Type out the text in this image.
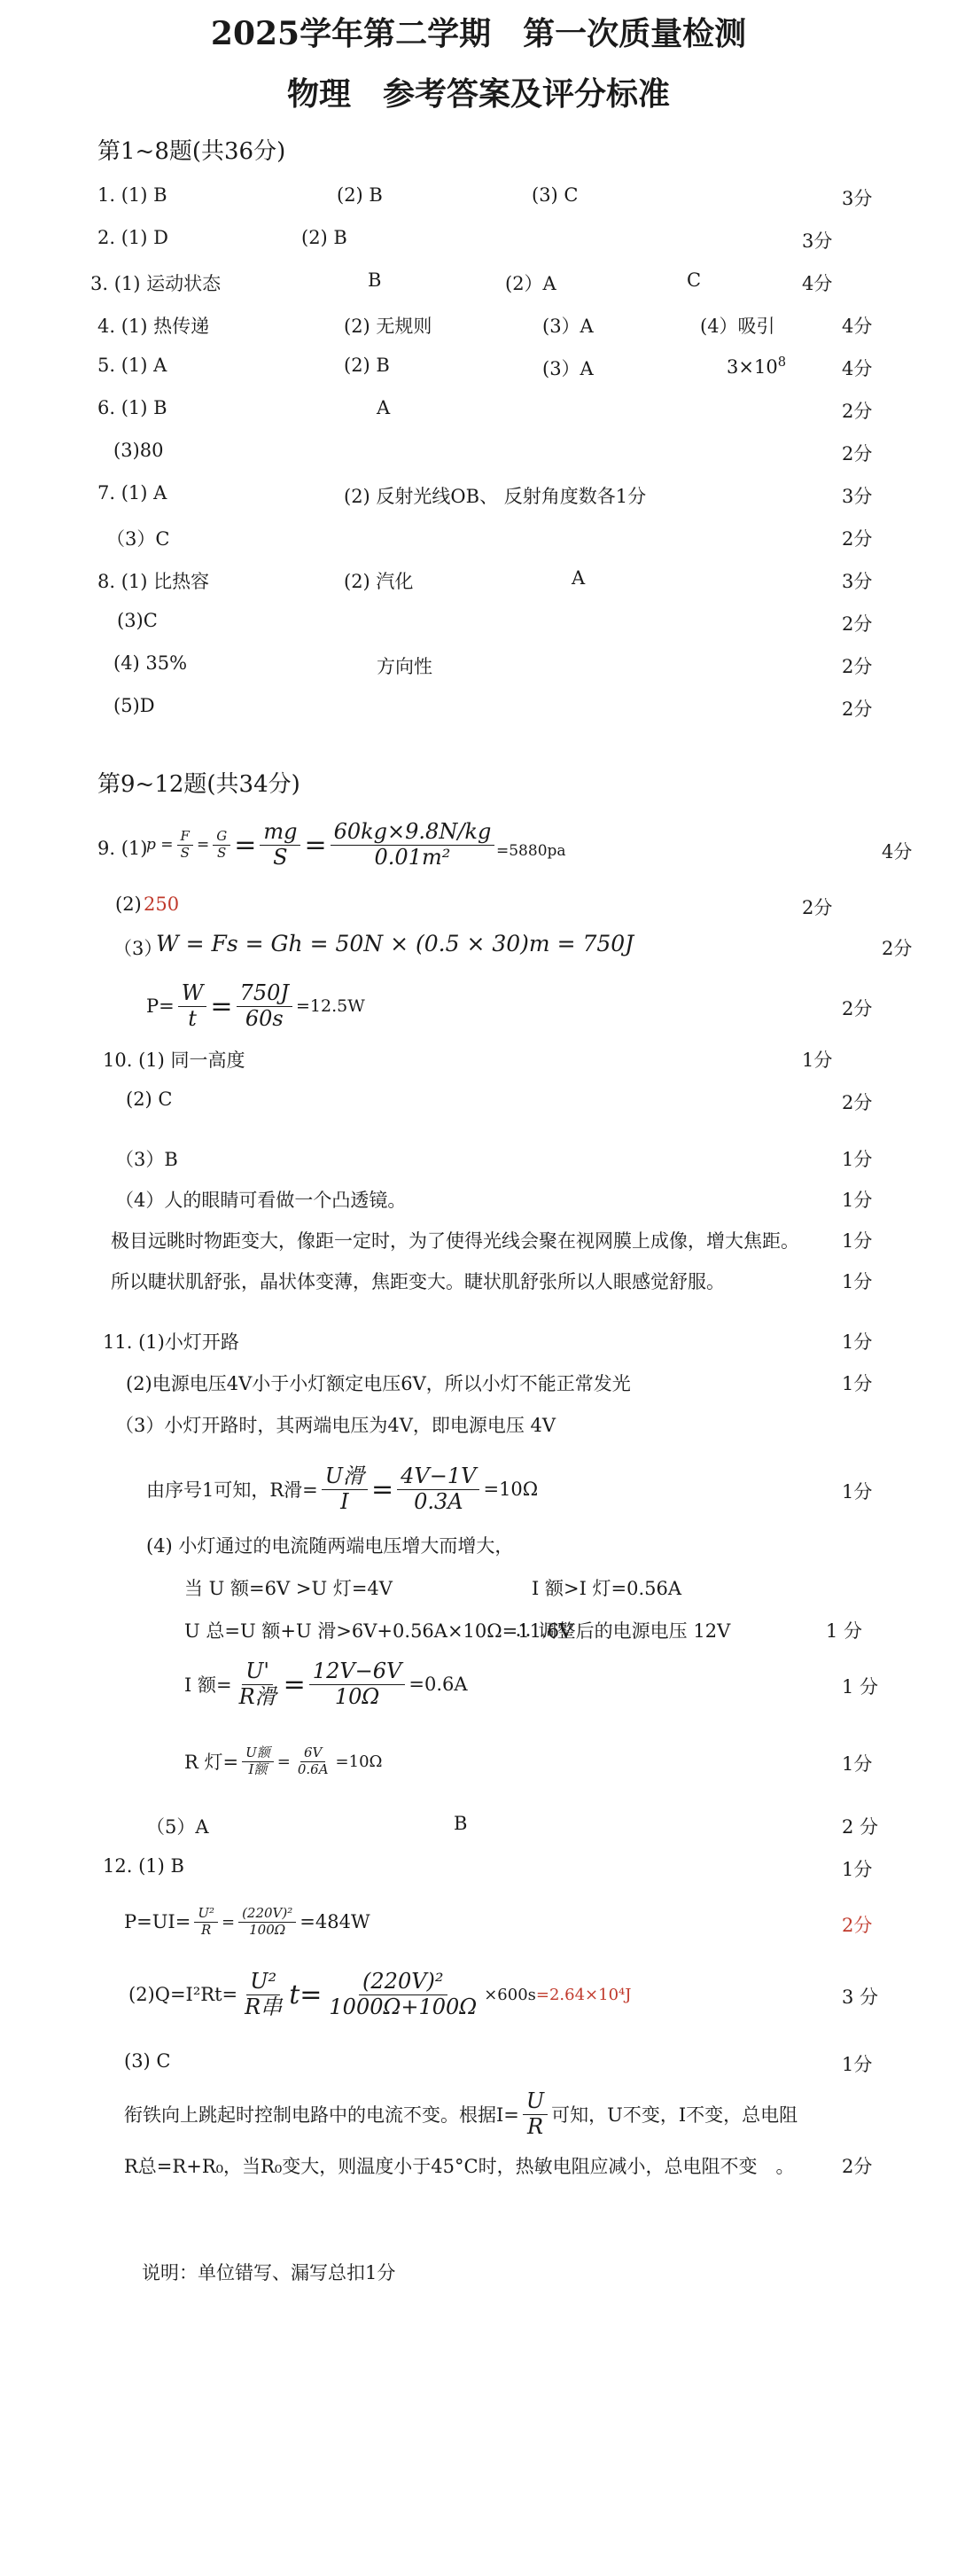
2025学年第二学期　第一次质量检测
物理　参考答案及评分标准
第1~8题(共36分)
1. (1) B	(2) B	(3) C	3分
2. (1) D	(2) B	3分
3. (1) 运动状态	B	(2）A	C	4分
4. (1) 热传递	(2) 无规则	(3）A	(4）吸引	4分
5. (1) A	(2) B	(3）A	$3\times 10^8$	4分
6. (1) B	A	2分
(3)80	2分
7. (1) A	(2) 反射光线OB、 反射角度数各1分	3分
（3）C	2分
8. (1) 比热容	(2) 汽化	A	3分
(3)C	2分
(4) 35%	方向性	2分
(5)D	2分
第9~12题(共34分)
9. (1)
$p = \frac{F}{S} = \frac{G}{S} = \frac{mg}{S} = \frac{60kg\times 9.8N/kg}{\text{0.01m²}} =5880pa$	4分
(2) 250	2分
（3）
W = Fs = Gh = 50N × (0.5 × 30)m = 750J	2分
$P= \frac{W}{t} = \frac{750J}{60s} =12.5W$	2分
10. (1) 同一高度	1分
(2) C	2分
（3）B	1分
（4）人的眼睛可看做一个凸透镜。	1分
极目远眺时物距变大，像距一定时，为了使得光线会聚在视网膜上成像，增大焦距。 1分
所以睫状肌舒张，晶状体变薄，焦距变大。睫状肌舒张所以人眼感觉舒服。	1分
11. (1)小灯开路	1分
(2)电源电压4V小于小灯额定电压6V，所以小灯不能正常发光	1分
（3）小灯开路时，其两端电压为4V，即电源电压 4V
由序号1可知，R滑= $\frac{\text{U滑}}{I} = \frac{4V-1V}{0.3A} =10\Omega$	1分
(4) 小灯通过的电流随两端电压增大而增大，
当 U 额=6V >U 灯=4V	I 额>I 灯=0.56A
U 总=U 额+U 滑>6V+0.56A×10Ω=11.6V
∴ 调整后的电源电压 12V	1 分
I 额= $\frac{U'}{\text{R滑}} = \frac{12V-6V}{10\Omega} =0.6A$	1 分
R 灯= $\frac{\text{U额}}{\text{I额}} = \frac{6V}{0.6A} =10\Omega$	1分
（5）A	B	2 分
12. (1) B	1分
$P=UI= \frac{\text{U²}}{R} = \frac{\text{(220V)²}}{100\Omega} =484W$	2分
$(2)Q=I^2Rt= \frac{\text{U²}}{\text{R串}} t= \frac{\text{(220V)²}}{1000\Omega+100\Omega} \times 600s =2.64\times 10^4J$	3 分
(3) C	1分
衔铁向上跳起时控制电路中的电流不变。根据$I= \frac{U}{R}$ 可知，U不变，I不变，总电阻
R总=R+R₀，当R₀变大，则温度小于45°C时，热敏电阻应减小，总电阻不变　。	2分
说明：单位错写、漏写总扣1分
